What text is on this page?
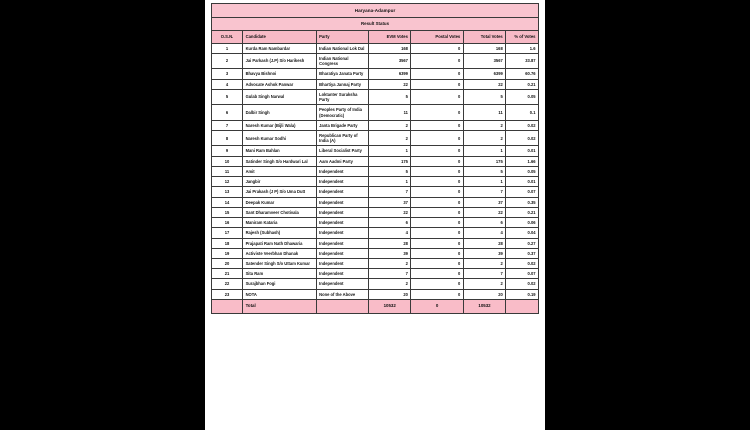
Haryana-Adampur						
Result Status						
O.S.N.	Candidate	Party	EVM Votes	Postal Votes	Total Votes	% of Votes
1	Kurda Ram Nambardar	Indian National Lok Dal	168	0	168	1.6
2	Jai Parkash (J.P) S/o Harikesh	Indian National Congress	3567	0	3567	33.87
3	Bhavya Bishnoi	Bharatiya Janata Party	6399	0	6399	60.76
4	Advocate Ashok Panwar	Bhartiya Jannaj Party	22	0	22	0.21
5	Gulab Singh Narwal	Loktanter Suraksha Party	5	0	5	0.05
6	Dalbir Singh	Peoples Party of India (Democratic)	11	0	11	0.1
7	Naresh Kumar (Bijli Wala)	Janta Brigade Party	2	0	2	0.02
8	Naresh Kumar Sodhi	Republican Party of India (A)	2	0	2	0.02
9	Mani Ram Bahlan	Liberal Socialist Party	1	0	1	0.01
10	Satinder Singh S/o Hardwari Lal	Aam Aadmi Party	175	0	175	1.66
11	Amit	Independent	5	0	5	0.05
12	Jangbir	Independent	1	0	1	0.01
13	Jai Prakash (J P) S/o Uma Dutt	Independent	7	0	7	0.07
14	Deepak Kumar	Independent	37	0	37	0.35
15	Sant Dharamveer Chotivala	Independent	22	0	22	0.21
16	Maniram Kataria	Independent	6	0	6	0.06
17	Rajesh (Subhash)	Independent	4	0	4	0.04
18	Prajapati Ram Nath Dhawaria	Independent	28	0	28	0.27
19	Activiste Veerbhan Dhanak	Independent	39	0	39	0.37
20	Satender Singh S/o Uttam Kumar	Independent	2	0	2	0.02
21	Sita Ram	Independent	7	0	7	0.07
22	Surajbhan Fogi	Independent	2	0	2	0.02
23	NOTA	None of the Above	20	0	20	0.19
	Total		10532	0	10532	
